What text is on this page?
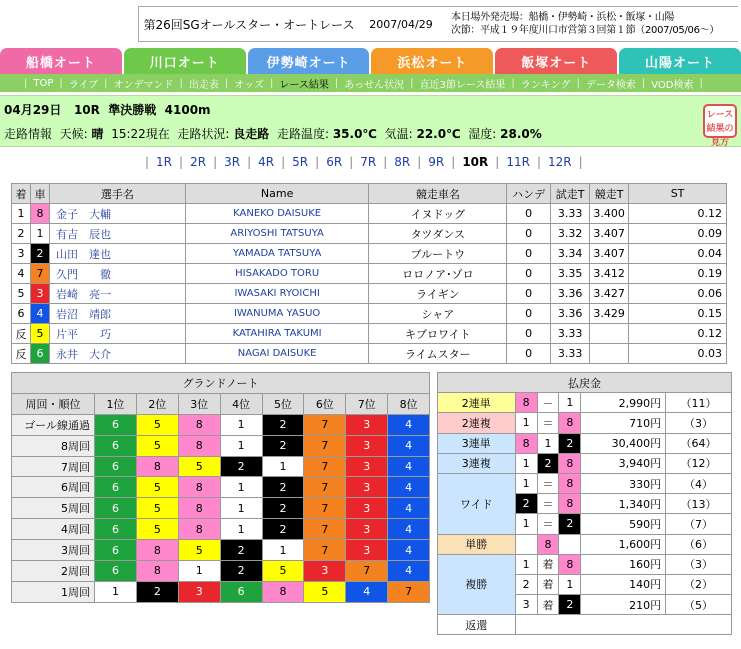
第26回SGオールスター・オートレース	2007/04/29	本日場外発売場：船橋・伊勢崎・浜松・飯塚・山陽
次節：平成１９年度川口市営第３回第１節（2007/05/06～）
船橋オート	川口オート	伊勢崎オート	浜松オート	飯塚オート	山陽オート
| TOP | ライブ | オンデマンド | 出走表 | オッズ | レース結果 | あっせん状況 | 直近3節レース結果 | ランキング | データ検索 | VOD検索 |
04月29日 10R 準決勝戦 4100m
走路情報 天候: 晴 15:22現在 走路状況: 良走路 走路温度: 35.0℃ 気温: 22.0℃ 湿度: 28.0%
レース結果の見方
| 1R | 2R | 3R | 4R | 5R | 6R | 7R | 8R | 9R | 10R | 11R | 12R |
着	車	選手名	Name	競走車名	ハンデ	試走T	競走T	ST
1	8	金子　大輔	KANEKO DAISUKE	イヌドッグ	0	3.33	3.400	0.12
2	1	有吉　辰也	ARIYOSHI TATSUYA	タツダンス	0	3.32	3.407	0.09
3	2	山田　達也	YAMADA TATSUYA	ブルートウ	0	3.34	3.407	0.04
4	7	久門　　徹	HISAKADO TORU	ロロノア･ゾロ	0	3.35	3.412	0.19
5	3	岩崎　亮一	IWASAKI RYOICHI	ライギン	0	3.36	3.427	0.06
6	4	岩沼　靖郎	IWANUMA YASUO	シャア	0	3.36	3.429	0.15
反	5	片平　　巧	KATAHIRA TAKUMI	キブロワイト	0	3.33		0.12
反	6	永井　大介	NAGAI DAISUKE	ライムスター	0	3.33		0.03
グランドノート								
周回・順位	1位	2位	3位	4位	5位	6位	7位	8位
ゴール線通過	6	5	8	1	2	7	3	4
8周回	6	5	8	1	2	7	3	4
7周回	6	8	5	2	1	7	3	4
6周回	6	5	8	1	2	7	3	4
5周回	6	5	8	1	2	7	3	4
4周回	6	5	8	1	2	7	3	4
3周回	6	8	5	2	1	7	3	4
2周回	6	8	1	2	5	3	7	4
1周回	1	2	3	6	8	5	4	7
払戻金					
2連単	8	－	1	2,990円	（11）
2連複	1	＝	8	710円	（3）
3連単	8	1	2	30,400円	（64）
3連複	1	2	8	3,940円	（12）
ワイド	1	＝	8	330円	（4）
	2	＝	8	1,340円	（13）
	1	＝	2	590円	（7）
単勝		8		1,600円	（6）
複勝	1	着	8	160円	（3）
	2	着	1	140円	（2）
	3	着	2	210円	（5）
返還					
